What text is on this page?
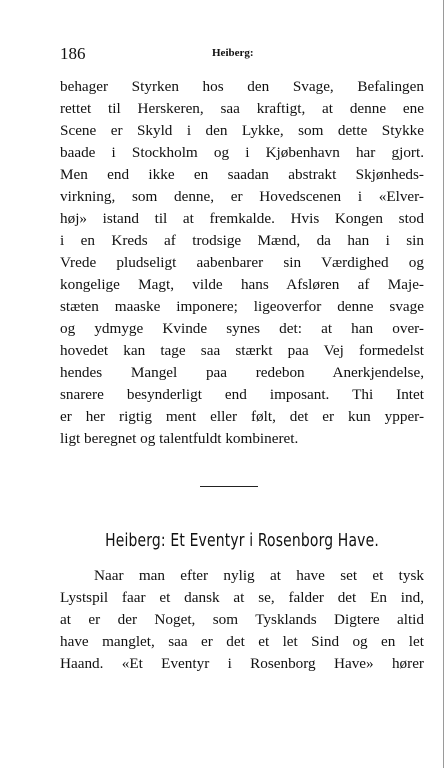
186	Heiberg:
behager Styrken hos den Svage, Befalingen
rettet til Herskeren, saa kraftigt, at denne ene
Scene er Skyld i den Lykke, som dette Stykke
baade i Stockholm og i Kjøbenhavn har gjort.
Men end ikke en saadan abstrakt Skjønheds-
virkning, som denne, er Hovedscenen i «Elver-
høj» istand til at fremkalde. Hvis Kongen stod
i en Kreds af trodsige Mænd, da han i sin
Vrede pludseligt aabenbarer sin Værdighed og
kongelige Magt, vilde hans Afsløren af Maje-
stæten maaske imponere; ligeoverfor denne svage
og ydmyge Kvinde synes det: at han over-
hovedet kan tage saa stærkt paa Vej formedelst
hendes Mangel paa redebon Anerkjendelse,
snarere besynderligt end imposant. Thi Intet
er her rigtig ment eller følt, det er kun ypper-
ligt beregnet og talentfuldt kombineret.
Heiberg: Et Eventyr i Rosenborg Have.
Naar man efter nylig at have set et tysk
Lystspil faar et dansk at se, falder det En ind,
at er der Noget, som Tysklands Digtere altid
have manglet, saa er det et let Sind og en let
Haand. «Et Eventyr i Rosenborg Have» hører
